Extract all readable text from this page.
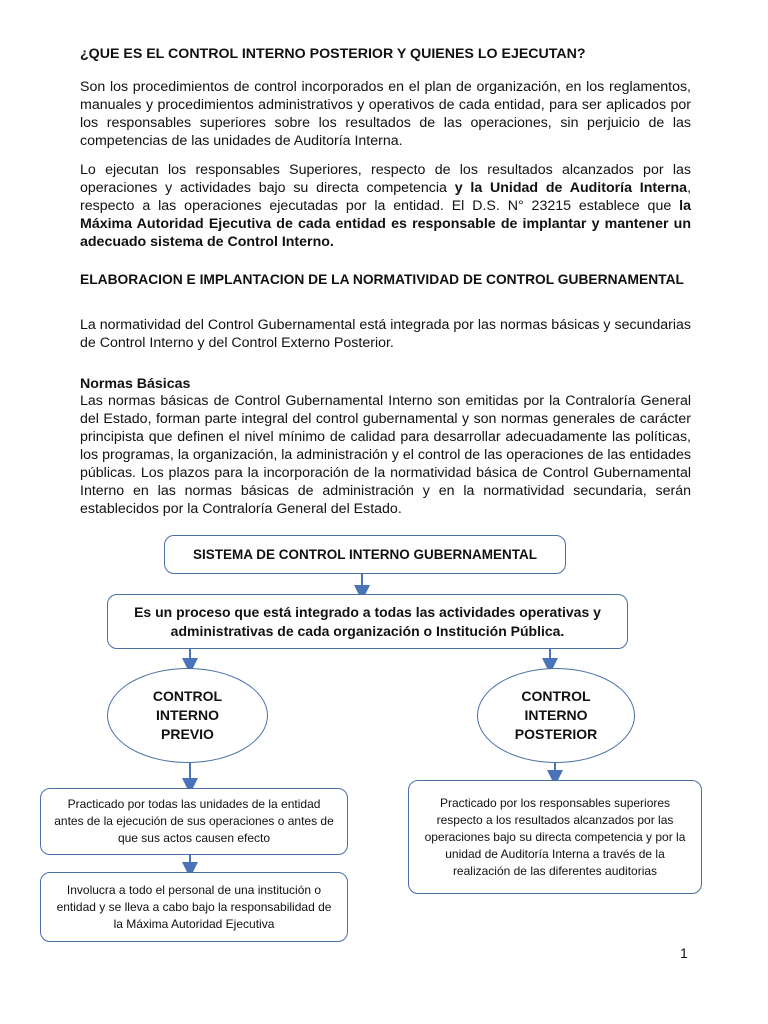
¿QUE ES EL CONTROL INTERNO POSTERIOR Y QUIENES LO EJECUTAN?
Son los procedimientos de control incorporados en el plan de organización, en los reglamentos, manuales y procedimientos administrativos y operativos de cada entidad, para ser aplicados por los responsables superiores sobre los resultados de las operaciones, sin perjuicio de las competencias de las unidades de Auditoría Interna.
Lo ejecutan los responsables Superiores, respecto de los resultados alcanzados por las operaciones y actividades bajo su directa competencia y la Unidad de Auditoría Interna, respecto a las operaciones ejecutadas por la entidad. El D.S. N° 23215 establece que la Máxima Autoridad Ejecutiva de cada entidad es responsable de implantar y mantener un adecuado sistema de Control Interno.
ELABORACION E IMPLANTACION DE LA NORMATIVIDAD DE CONTROL GUBERNAMENTAL
La normatividad del Control Gubernamental está integrada por las normas básicas y secundarias de Control Interno y del Control Externo Posterior.
Normas Básicas
Las normas básicas de Control Gubernamental Interno son emitidas por la Contraloría General del Estado, forman parte integral del control gubernamental y son normas generales de carácter principista que definen el nivel mínimo de calidad para desarrollar adecuadamente las políticas, los programas, la organización, la administración y el control de las operaciones de las entidades públicas. Los plazos para la incorporación de la normatividad básica de Control Gubernamental Interno en las normas básicas de administración y en la normatividad secundaria, serán establecidos por la Contraloría General del Estado.
SISTEMA DE CONTROL INTERNO GUBERNAMENTAL
Es un proceso que está integrado a todas las actividades operativas y administrativas de cada organización o Institución Pública.
CONTROL
INTERNO
PREVIO
CONTROL
INTERNO
POSTERIOR
Practicado por todas las unidades de la entidad antes de la ejecución de sus operaciones o antes de que sus actos causen efecto
Involucra a todo el personal de una institución o entidad y se lleva a cabo bajo la responsabilidad de la Máxima Autoridad Ejecutiva
Practicado por los responsables superiores respecto a los resultados alcanzados por las operaciones bajo su directa competencia y por la unidad de Auditoría Interna a través de la realización de las diferentes auditorias
1
